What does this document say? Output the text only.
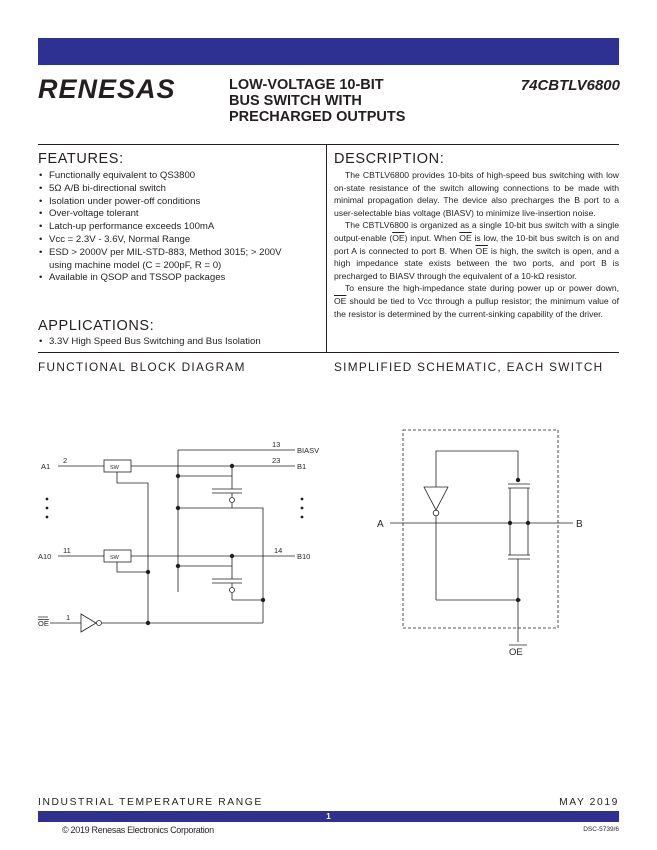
RENESAS	LOW-VOLTAGE 10-BIT
BUS SWITCH WITH
PRECHARGED OUTPUTS
74CBTLV6800
FEATURES:
• Functionally equivalent to QS3800
• 5Ω A/B bi-directional switch
• Isolation under power-off conditions
• Over-voltage tolerant
• Latch-up performance exceeds 100mA
• Vcc = 2.3V - 3.6V, Normal Range
• ESD > 2000V per MIL-STD-883, Method 3015; > 200V using machine model (C = 200pF, R = 0)
• Available in QSOP and TSSOP packages
APPLICATIONS:
• 3.3V High Speed Bus Switching and Bus Isolation
DESCRIPTION:

The CBTLV6800 provides 10-bits of high-speed bus switching with low on-state resistance of the switch allowing connections to be made with minimal propagation delay. The device also precharges the B port to a user-selectable bias voltage (BIASV) to minimize live-insertion noise.

The CBTLV6800 is organized as a single 10-bit bus switch with a single output-enable $(\overline{OE})$ input. When $\overline{OE}$ is low, the 10-bit bus switch is on and port A is connected to port B. When $\overline{OE}$ is high, the switch is open, and a high impedance state exists between the two ports, and port B is precharged to BIASV through the equivalent of a 10-kΩ resistor.

To ensure the high-impedance state during power up or power down, $\overline{OE}$ should be tied to Vcc through a pullup resistor; the minimum value of the resistor is determined by the current-sinking capability of the driver.

FUNCTIONAL BLOCK DIAGRAM	SIMPLIFIED SCHEMATIC, EACH SWITCH
13
BIASV
2
A1	SW
23
B1
11
A10	SW
14
B10
1
OE
A	B
OE
INDUSTRIAL TEMPERATURE RANGE	MAY 2019
1
© 2019 Renesas Electronics Corporation	DSC-5739/6
